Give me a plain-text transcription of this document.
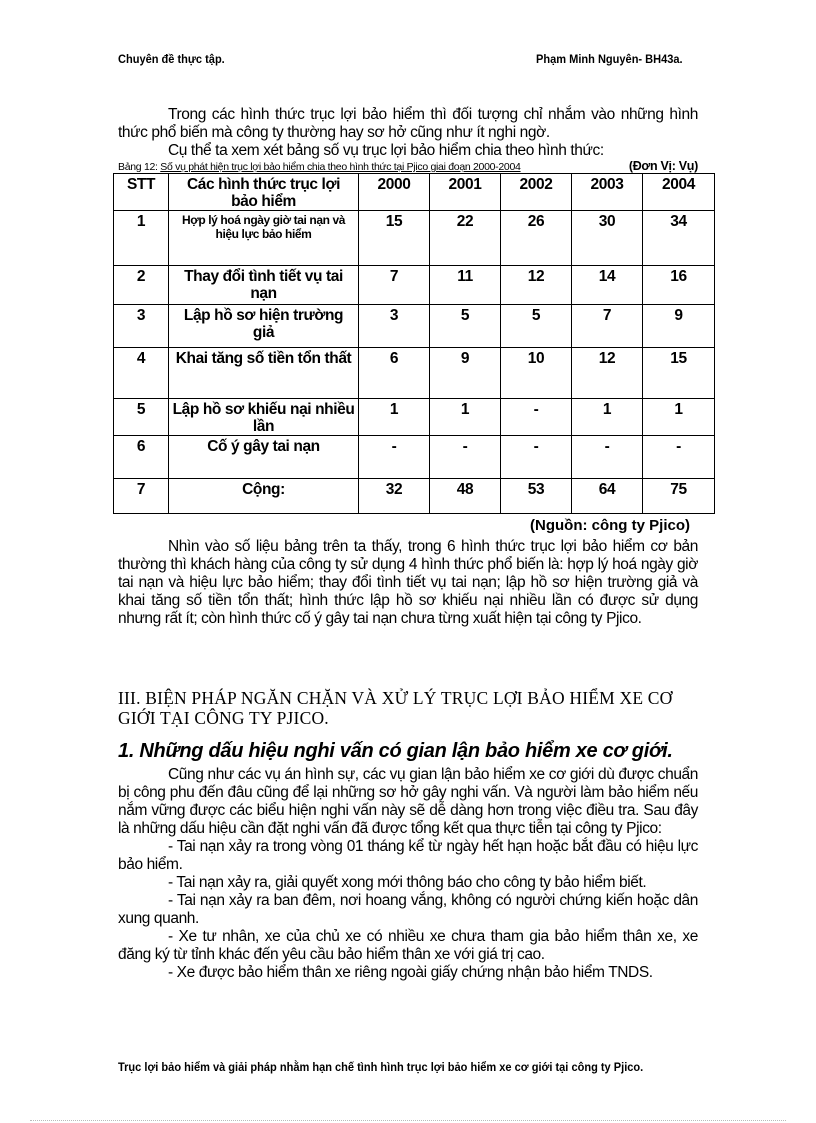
Chuyên đề thực tập.	Phạm Minh Nguyên- BH43a.

Trong các hình thức trục lợi bảo hiểm thì đối tượng chỉ nhắm vào những hình thức phổ biến mà công ty thường hay sơ hở cũng như ít nghi ngờ.

Cụ thể ta xem xét bảng số vụ trục lợi bảo hiểm chia theo hình thức:

Bảng 12: Số vụ phát hiện trục lợi bảo hiểm chia theo hình thức tại Pjico giai đoạn 2000-2004	(Đơn Vị: Vụ)
STT	Các hình thức trục lợi bảo hiểm	2000	2001	2002	2003	2004
1	Hợp lý hoá ngày giờ tai nạn và hiệu lực bảo hiểm	15	22	26	30	34
2	Thay đổi tình tiết vụ tai nạn	7	11	12	14	16
3	Lập hồ sơ hiện trường giả	3	5	5	7	9
4	Khai tăng số tiền tổn thất	6	9	10	12	15
5	Lập hồ sơ khiếu nại nhiều lần	1	1	-	1	1
6	Cố ý gây tai nạn	-	-	-	-	-
7	Cộng:	32	48	53	64	75
(Nguồn: công ty Pjico)

Nhìn vào số liệu bảng trên ta thấy, trong 6 hình thức trục lợi bảo hiểm cơ bản thường thì khách hàng của công ty sử dụng 4 hình thức phổ biến là: hợp lý hoá ngày giờ tai nạn và hiệu lực bảo hiểm; thay đổi tình tiết vụ tai nạn; lập hồ sơ hiện trường giả và khai tăng số tiền tổn thất; hình thức lập hồ sơ khiếu nại nhiều lần có được sử dụng nhưng rất ít; còn hình thức cố ý gây tai nạn chưa từng xuất hiện tại công ty Pjico.

III. BIỆN PHÁP NGĂN CHẶN VÀ XỬ LÝ TRỤC LỢI BẢO HIỂM XE CƠ GIỚI TẠI CÔNG TY PJICO.
1. Những dấu hiệu nghi vấn có gian lận bảo hiểm xe cơ giới.

Cũng như các vụ án hình sự, các vụ gian lận bảo hiểm xe cơ giới dù được chuẩn bị công phu đến đâu cũng để lại những sơ hở gây nghi vấn. Và người làm bảo hiểm nếu nắm vững được các biểu hiện nghi vấn này sẽ dễ dàng hơn trong việc điều tra. Sau đây là những dấu hiệu cần đặt nghi vấn đã được tổng kết qua thực tiễn tại công ty Pjico:

- Tai nạn xảy ra trong vòng 01 tháng kể từ ngày hết hạn hoặc bắt đầu có hiệu lực bảo hiểm.

- Tai nạn xảy ra, giải quyết xong mới thông báo cho công ty bảo hiểm biết.

- Tai nạn xảy ra ban đêm, nơi hoang vắng, không có người chứng kiến hoặc dân xung quanh.

- Xe tư nhân, xe của chủ xe có nhiều xe chưa tham gia bảo hiểm thân xe, xe đăng ký từ tỉnh khác đến yêu cầu bảo hiểm thân xe với giá trị cao.

- Xe được bảo hiểm thân xe riêng ngoài giấy chứng nhận bảo hiểm TNDS.

Trục lợi bảo hiểm và giải pháp nhằm hạn chế tình hình trục lợi bảo hiểm xe cơ giới tại công ty Pjico.
